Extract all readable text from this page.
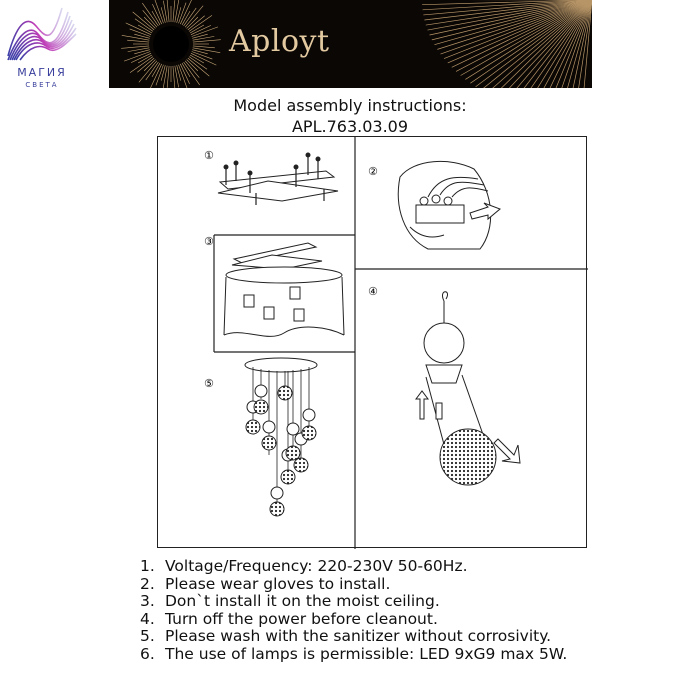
МАГИЯ
СВЕТА
Aployt
Model assembly instructions:
APL.763.03.09
①
②
③
④
⑤
1. Voltage/Frequency: 220-230V 50-60Hz.
2. Please wear gloves to install.
3. Don`t install it on the moist ceiling.
4. Turn off the power before cleanout.
5. Please wash with the sanitizer without corrosivity.
6. The use of lamps is permissible: LED 9xG9 max 5W.
